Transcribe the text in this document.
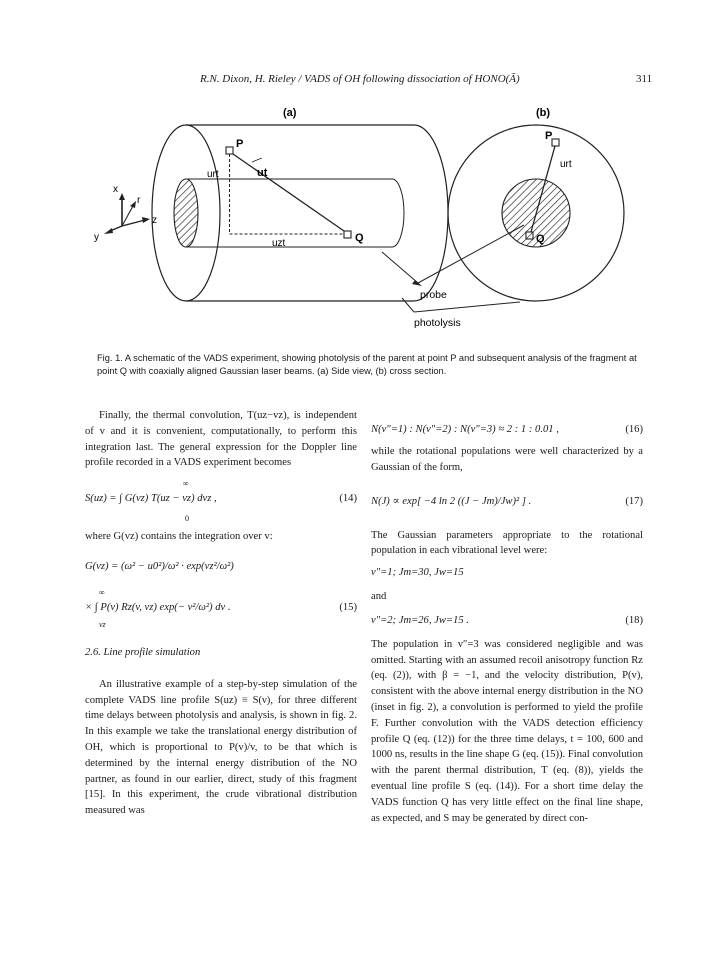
R.N. Dixon, H. Rieley / VADS of OH following dissociation of HONO(Ã)	311
(a)	(b)
x
y
z
r
P
Q
ut
urt
uzt
P
Q
urt
probe
photolysis
Fig. 1. A schematic of the VADS experiment, showing photolysis of the parent at point P and subsequent analysis of the fragment at point Q with coaxially aligned Gaussian laser beams. (a) Side view, (b) cross section.

Finally, the thermal convolution, T(uz−vz), is independent of v and it is convenient, computationally, to perform this integration last. The general expression for the Doppler line profile recorded in a VADS experiment becomes

∞
0
S(uz) = ∫ G(vz) T(uz − vz) dvz ,	(14)

where G(vz) contains the integration over v:

G(vz) = (ω² − u0²)/ω² · exp(vz²/ω²)
∞
vz
× ∫ P(v) Rz(v, vz) exp(− v²/ω²) dv .	(15)

2.6. Line profile simulation

An illustrative example of a step-by-step simulation of the complete VADS line profile S(uz) ≡ S(ν), for three different time delays between photolysis and analysis, is shown in fig. 2. In this example we take the translational energy distribution of OH, which is proportional to P(v)/v, to be that which is determined by the internal energy distribution of the NO partner, as found in our earlier, direct, study of this fragment [15]. In this experiment, the crude vibrational distribution measured was

N(v″=1) : N(v″=2) : N(v″=3) ≈ 2 : 1 : 0.01 ,	(16)

while the rotational populations were well characterized by a Gaussian of the form,

N(J) ∝ exp[ −4 ln 2 ((J − Jm)/Jw)² ] .	(17)

The Gaussian parameters appropriate to the rotational population in each vibrational level were:

v″=1; Jm=30, Jw=15

and

v″=2; Jm=26, Jw=15 .	(18)

The population in v″=3 was considered negligible and was omitted. Starting with an assumed recoil anisotropy function Rz (eq. (2)), with β = −1, and the velocity distribution, P(v), consistent with the above internal energy distribution in the NO (inset in fig. 2), a convolution is performed to yield the profile F. Further convolution with the VADS detection efficiency profile Q (eq. (12)) for the three time delays, t = 100, 600 and 1000 ns, results in the line shape G (eq. (15)). Final convolution with the parent thermal distribution, T (eq. (8)), yields the eventual line profile S (eq. (14)). For a short time delay the VADS function Q has very little effect on the final line shape, as expected, and S may be generated by direct con-
